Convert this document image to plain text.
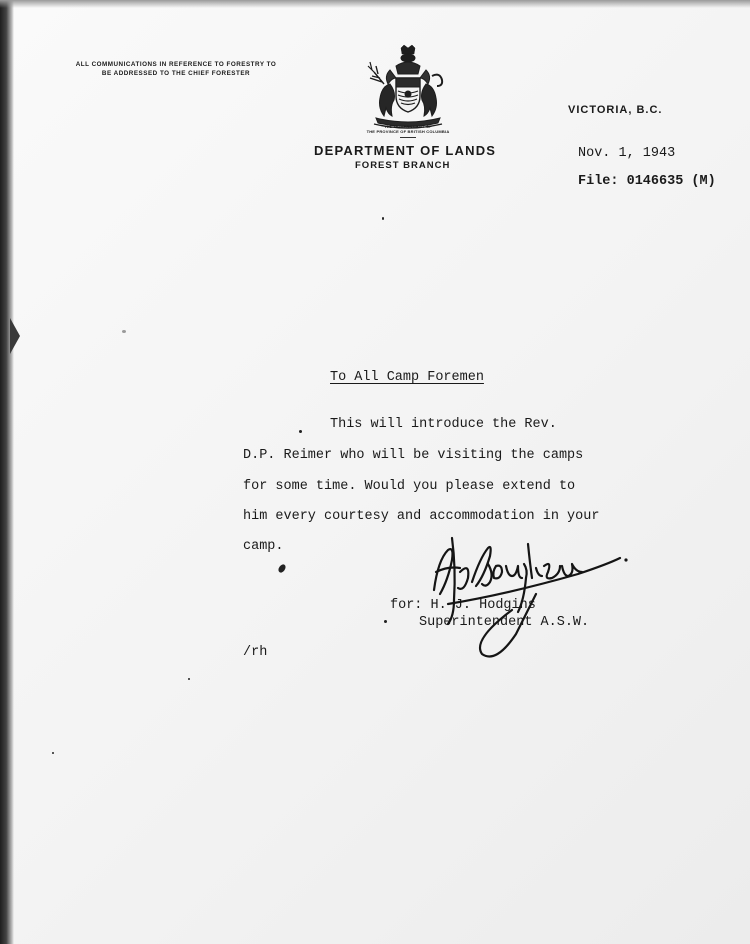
ALL COMMUNICATIONS IN REFERENCE TO FORESTRY TO
BE ADDRESSED TO THE CHIEF FORESTER
THE GOVERNMENT OF
THE PROVINCE OF BRITISH COLUMBIA
DEPARTMENT OF LANDS
FOREST BRANCH
VICTORIA, B.C.
Nov. 1, 1943
File: 0146635 (M)
To All Camp Foremen
This will introduce the Rev.
D.P. Reimer who will be visiting the camps
for some time. Would you please extend to
him every courtesy and accommodation in your
camp.
for: H. J. Hodgins
Superintendent A.S.W.
/rh
